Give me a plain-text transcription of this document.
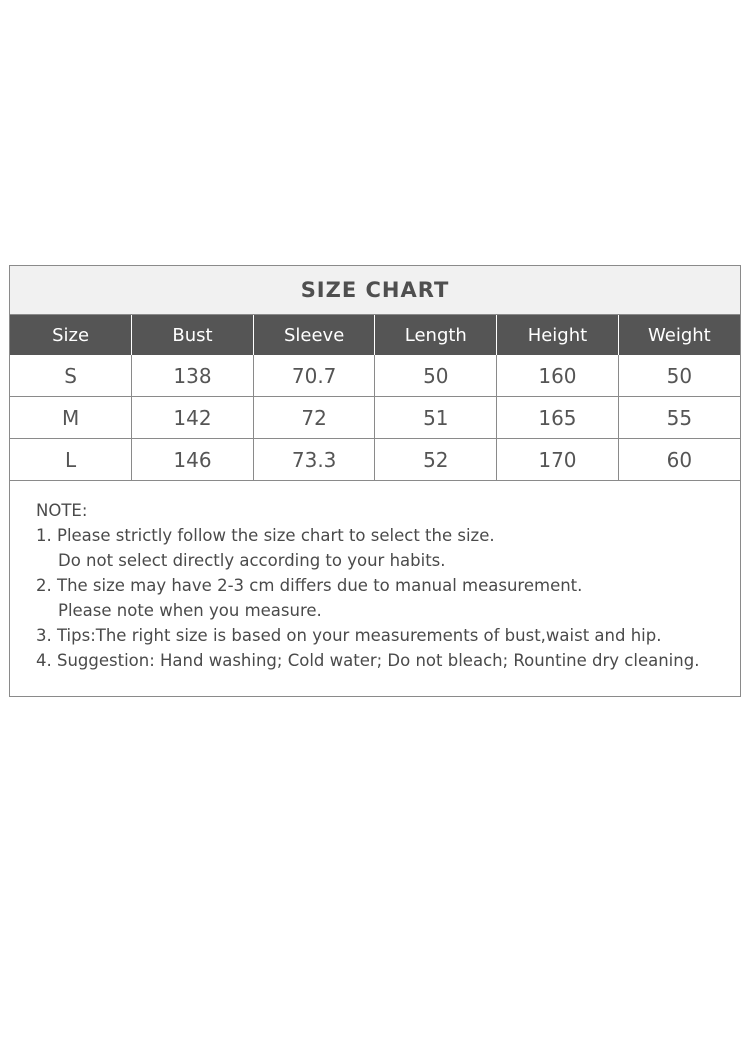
SIZE CHART
Size	Bust	Sleeve	Length	Height	Weight
S	138	70.7	50	160	50
M	142	72	51	165	55
L	146	73.3	52	170	60
NOTE:
1. Please strictly follow the size chart to select the size.
Do not select directly according to your habits.
2. The size may have 2-3 cm differs due to manual measurement.
Please note when you measure.
3. Tips:The right size is based on your measurements of bust,waist and hip.
4. Suggestion: Hand washing; Cold water; Do not bleach; Rountine dry cleaning.
